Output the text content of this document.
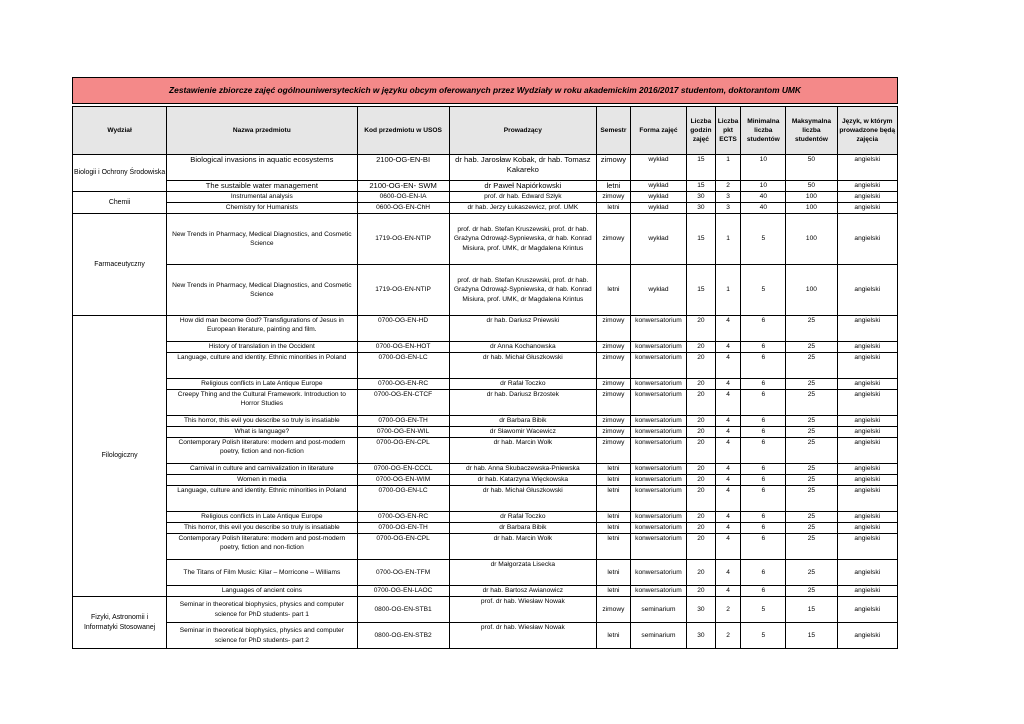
Zestawienie zbiorcze zajęć ogólnouniwersyteckich w języku obcym oferowanych przez Wydziały w roku akademickim 2016/2017 studentom, doktorantom UMK
Wydział	Nazwa przedmiotu	Kod przedmiotu w USOS	Prowadzący	Semestr	Forma zajęć	Liczba godzin zajęć	Liczba pkt ECTS	Minimalna liczba studentów	Maksymalna liczba studentów	Język, w którym prowadzone będą zajęcia
Biologii i Ochrony Środowiska	Biological invasions in aquatic ecosystems	2100-OG-EN-BI	dr hab. Jarosław Kobak, dr hab. Tomasz Kakareko	zimowy	wykład	15	1	10	50	angielski
	The sustaible water management	2100-OG-EN- SWM	dr Paweł Napiórkowski	letni	wykład	15	2	10	50	angielski
Chemii	Instrumental analysis	0600-OG-EN-IA	prof. dr hab. Edward Szłyk	zimowy	wykład	30	3	40	100	angielski
	Chemistry for Humanists	0600-OG-EN-ChH	dr hab. Jerzy Łukaszewicz, prof. UMK	letni	wykład	30	3	40	100	angielski
Farmaceutyczny	New Trends in Pharmacy, Medical Diagnostics, and Cosmetic Science	1719-OG-EN-NTIP	prof. dr hab. Stefan Kruszewski, prof. dr hab. Grażyna Odrowąż-Sypniewska, dr hab. Konrad Misiura, prof. UMK, dr Magdalena Krintus	zimowy	wykład	15	1	5	100	angielski
	New Trends in Pharmacy, Medical Diagnostics, and Cosmetic Science	1719-OG-EN-NTIP	prof. dr hab. Stefan Kruszewski, prof. dr hab. Grażyna Odrowąż-Sypniewska, dr hab. Konrad Misiura, prof. UMK, dr Magdalena Krintus	letni	wykład	15	1	5	100	angielski
Filologiczny	How did man become God? Transfigurations of Jesus in European literature, painting and film.	0700-OG-EN-HD	dr hab. Dariusz Pniewski	zimowy	konwersatorium	20	4	6	25	angielski
	History of translation in the Occident	0700-OG-EN-HOT	dr Anna Kochanowska	zimowy	konwersatorium	20	4	6	25	angielski
	Language, culture and identity. Ethnic minorities in Poland	0700-OG-EN-LC	dr hab. Michał Głuszkowski	zimowy	konwersatorium	20	4	6	25	angielski
	Religious conflicts in Late Antique Europe	0700-OG-EN-RC	dr Rafał Toczko	zimowy	konwersatorium	20	4	6	25	angielski
	Creepy Thing and the Cultural Framework. Introduction to Horror Studies	0700-OG-EN-CTCF	dr hab. Dariusz Brzostek	zimowy	konwersatorium	20	4	6	25	angielski
	This horror, this evil you describe so truly is insatiable	0700-OG-EN-TH	dr Barbara Bibik	zimowy	konwersatorium	20	4	6	25	angielski
	What is language?	0700-OG-EN-WIL	dr Sławomir Wacewicz	zimowy	konwersatorium	20	4	6	25	angielski
	Contemporary Polish literature: modern and post-modern poetry, fiction and non-fiction	0700-OG-EN-CPL	dr hab. Marcin Wołk	zimowy	konwersatorium	20	4	6	25	angielski
	Carnival in culture and carnivalization in literature	0700-OG-EN-CCCL	dr hab. Anna Skubaczewska-Pniewska	letni	konwersatorium	20	4	6	25	angielski
	Women in media	0700-OG-EN-WIM	dr hab. Katarzyna Więckowska	letni	konwersatorium	20	4	6	25	angielski
	Language, culture and identity. Ethnic minorities in Poland	0700-OG-EN-LC	dr hab. Michał Głuszkowski	letni	konwersatorium	20	4	6	25	angielski
	Religious conflicts in Late Antique Europe	0700-OG-EN-RC	dr Rafał Toczko	letni	konwersatorium	20	4	6	25	angielski
	This horror, this evil you describe so truly is insatiable	0700-OG-EN-TH	dr Barbara Bibik	letni	konwersatorium	20	4	6	25	angielski
	Contemporary Polish literature: modern and post-modern poetry, fiction and non-fiction	0700-OG-EN-CPL	dr hab. Marcin Wołk	letni	konwersatorium	20	4	6	25	angielski
	The Titans of Film Music: Kilar – Morricone – Williams	0700-OG-EN-TFM	dr Małgorzata Lisecka	letni	konwersatorium	20	4	6	25	angielski
	Languages of ancient coins	0700-OG-EN-LAOC	dr hab. Bartosz Awianowicz	letni	konwersatorium	20	4	6	25	angielski
Fizyki, Astronomii i Informatyki Stosowanej	Seminar in theoretical biophysics, physics and computer science for PhD students- part 1	0800-OG-EN-STB1	prof. dr hab. Wiesław Nowak	zimowy	seminarium	30	2	5	15	angielski
	Seminar in theoretical biophysics, physics and computer science for PhD students- part 2	0800-OG-EN-STB2	prof. dr hab. Wiesław Nowak	letni	seminarium	30	2	5	15	angielski
